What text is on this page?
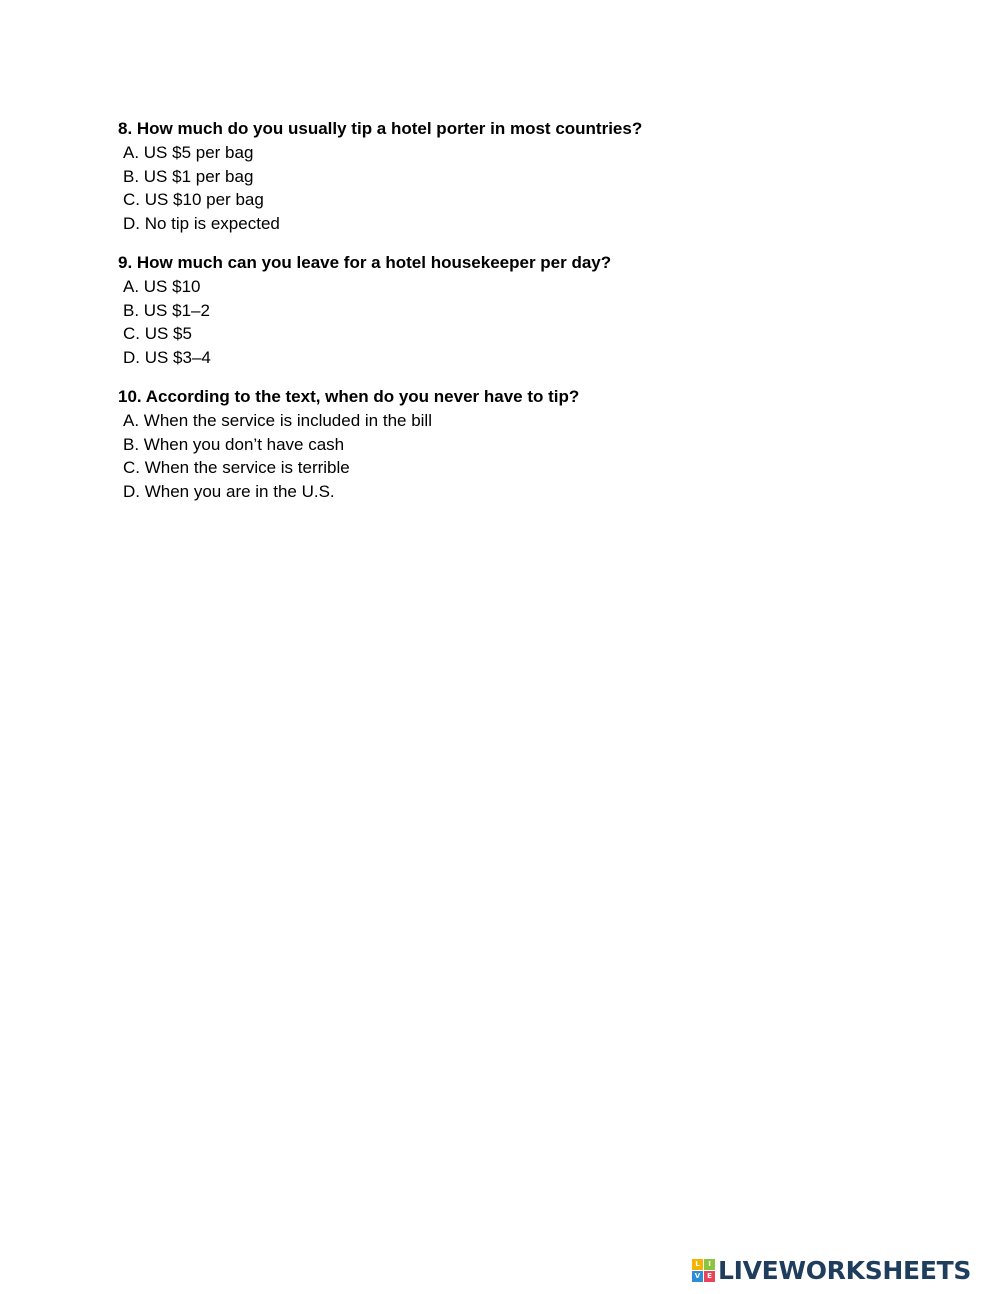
8. How much do you usually tip a hotel porter in most countries?

A. US $5 per bag
B. US $1 per bag
C. US $10 per bag
D. No tip is expected

9. How much can you leave for a hotel housekeeper per day?

A. US $10
B. US $1–2
C. US $5
D. US $3–4

10. According to the text, when do you never have to tip?

A. When the service is included in the bill
B. When you don’t have cash
C. When the service is terrible
D. When you are in the U.S.
L	I
V E LIVEWORKSHEETS
